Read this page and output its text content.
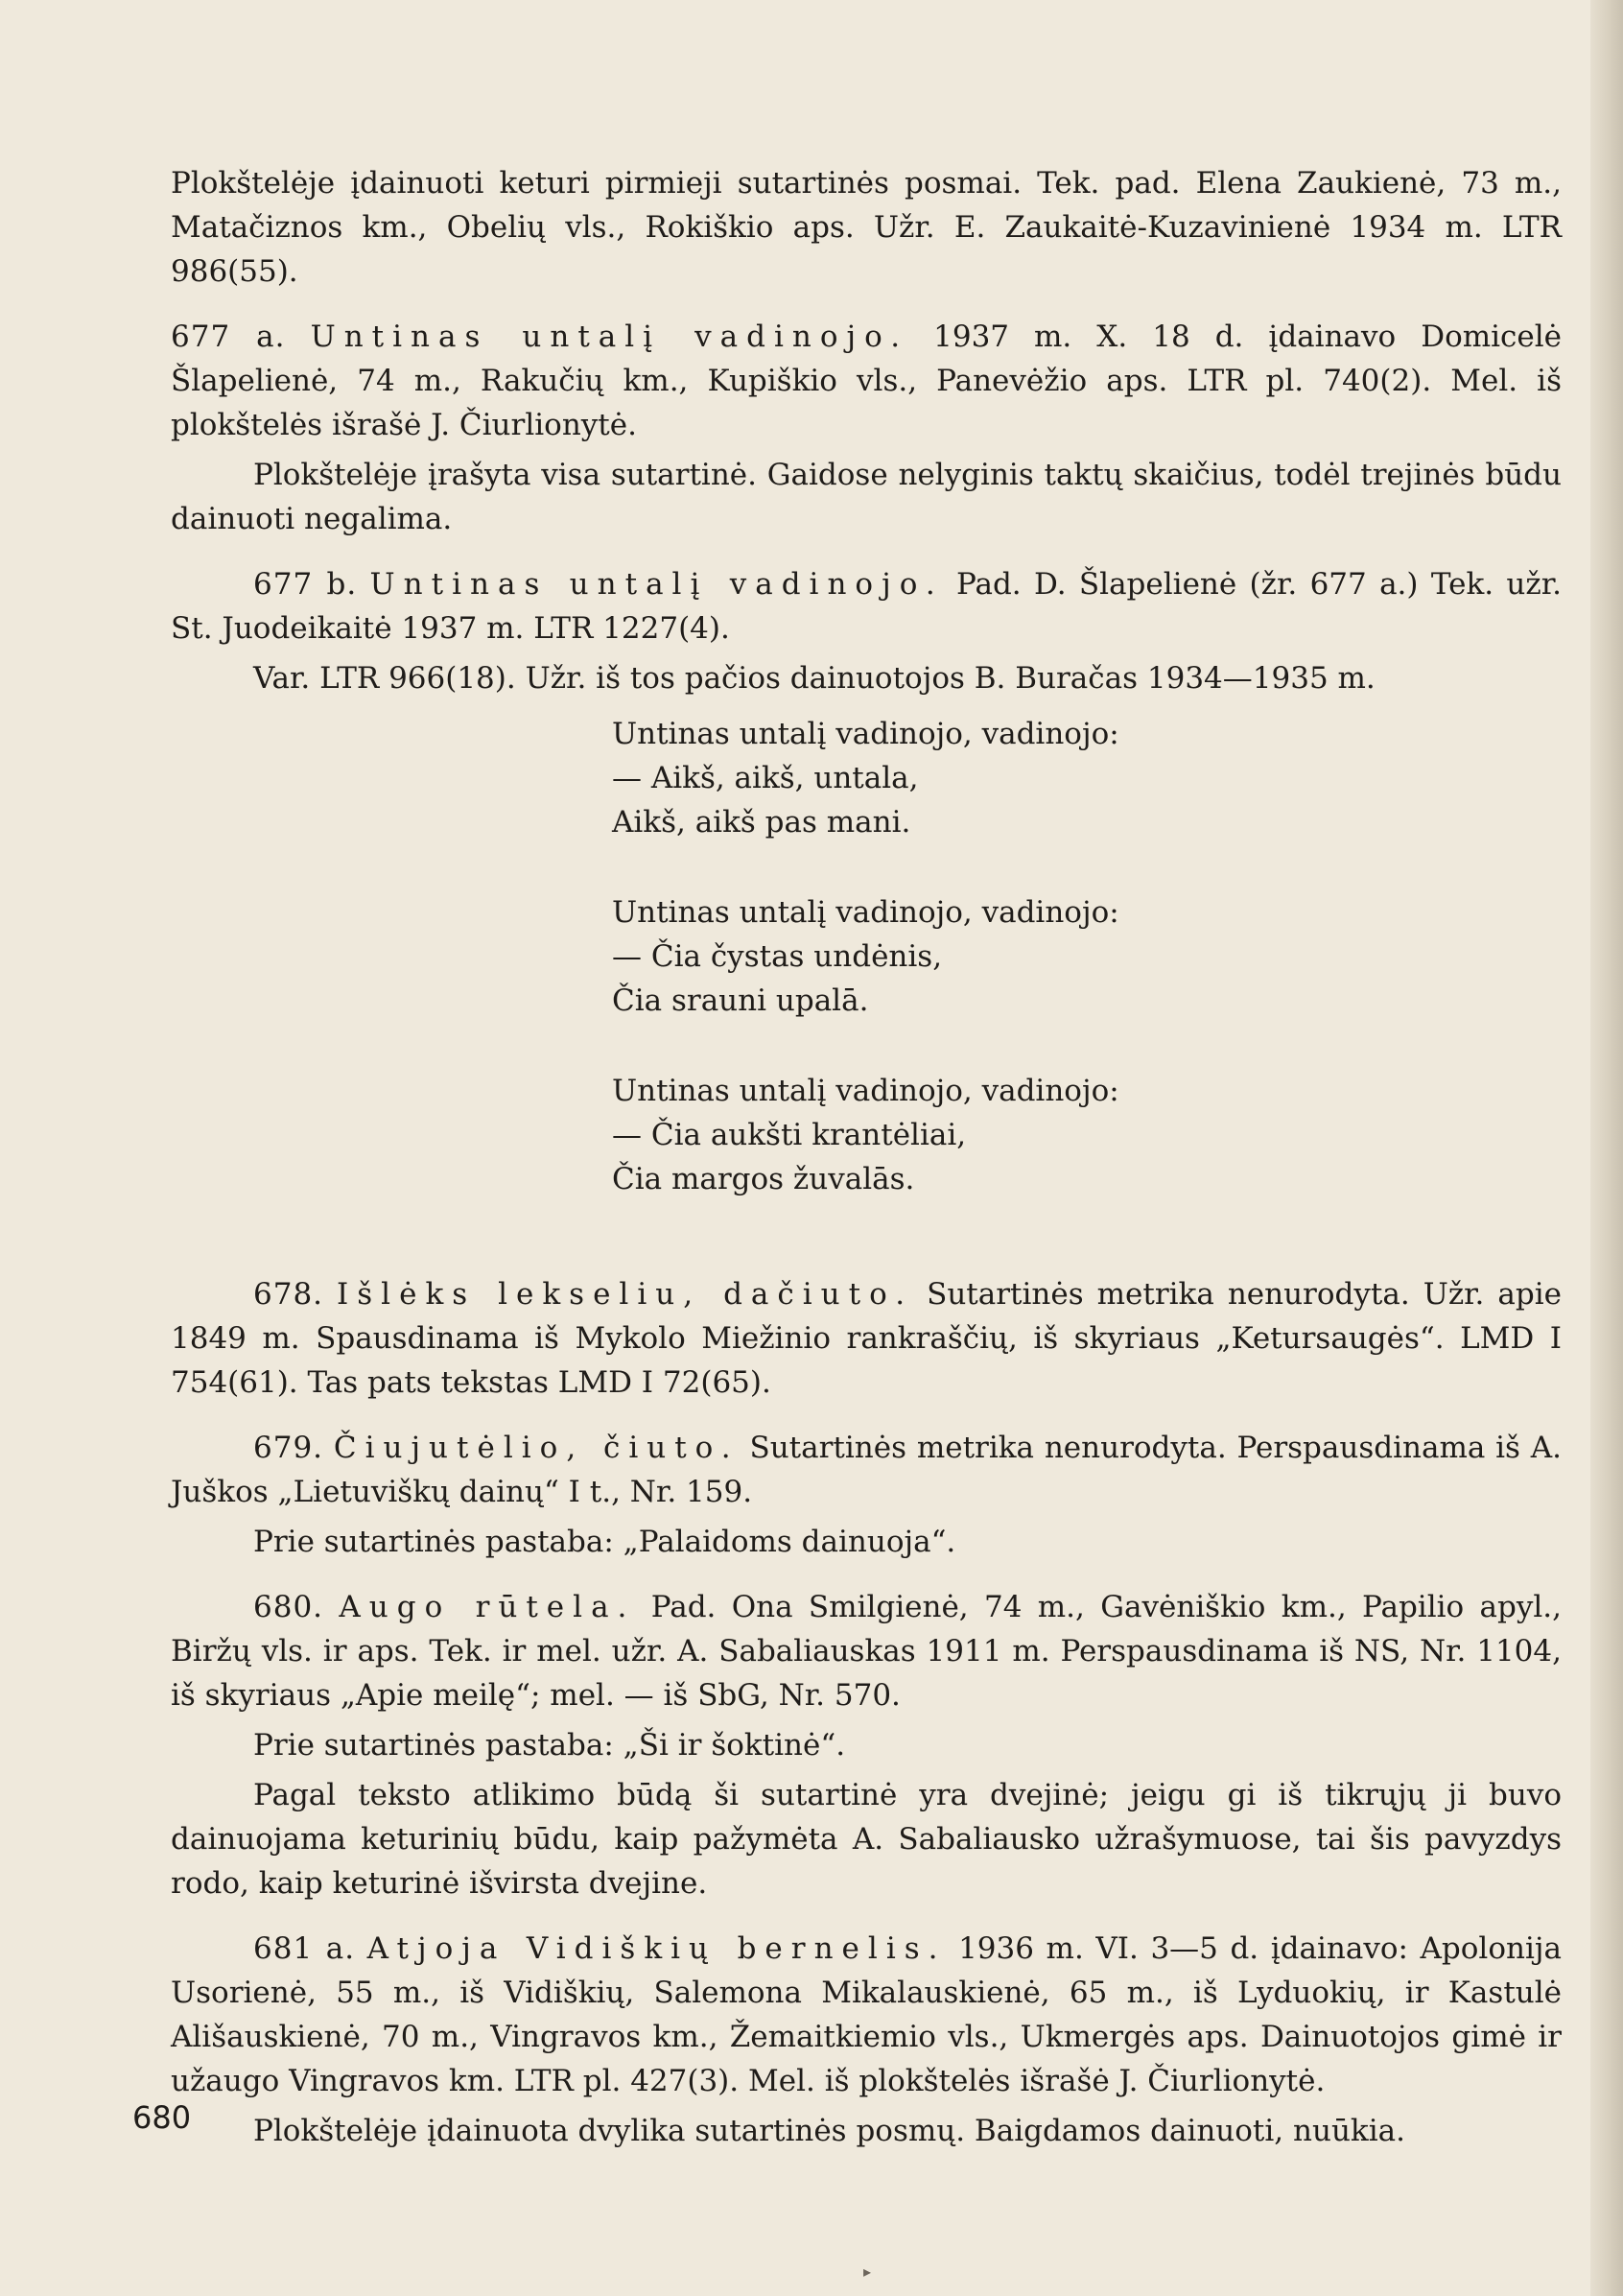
Plokštelėje įdainuoti keturi pirmieji sutartinės posmai. Tek. pad. Elena Zaukienė, 73 m., Matačiznos km., Obelių vls., Rokiškio aps. Užr. E. Zaukaitė-Kuzavinienė 1934 m. LTR 986(55).

677 a. Untinas untalį vadinojo. 1937 m. X. 18 d. įdainavo Domicelė Šlapelienė, 74 m., Rakučių km., Kupiškio vls., Panevėžio aps. LTR pl. 740(2). Mel. iš plokštelės išrašė J. Čiurlionytė.

Plokštelėje įrašyta visa sutartinė. Gaidose nelyginis taktų skaičius, todėl trejinės būdu dainuoti negalima.

677 b. Untinas untalį vadinojo. Pad. D. Šlapelienė (žr. 677 a.) Tek. užr. St. Juodeikaitė 1937 m. LTR 1227(4).

Var. LTR 966(18). Užr. iš tos pačios dainuotojos B. Buračas 1934—1935 m.

Untinas untalį vadinojo, vadinojo:
— Aikš, aikš, untala,
Aikš, aikš pas mani.
Untinas untalį vadinojo, vadinojo:
— Čia čystas undėnis,
Čia srauni upalā.
Untinas untalį vadinojo, vadinojo:
— Čia aukšti krantėliai,
Čia margos žuvalās.

678. Išlėks lekseliu, dačiuto. Sutartinės metrika nenurodyta. Užr. apie 1849 m. Spausdinama iš Mykolo Miežinio rankraščių, iš skyriaus „Ketursaugės“. LMD I 754(61). Tas pats tekstas LMD I 72(65).

679. Čiujutėlio, čiuto. Sutartinės metrika nenurodyta. Perspausdinama iš A. Juškos „Lietuviškų dainų“ I t., Nr. 159.

Prie sutartinės pastaba: „Palaidoms dainuoja“.

680. Augo rūtela. Pad. Ona Smilgienė, 74 m., Gavėniškio km., Papilio apyl., Biržų vls. ir aps. Tek. ir mel. užr. A. Sabaliauskas 1911 m. Perspausdinama iš NS, Nr. 1104, iš skyriaus „Apie meilę“; mel. — iš SbG, Nr. 570.

Prie sutartinės pastaba: „Ši ir šoktinė“.

Pagal teksto atlikimo būdą ši sutartinė yra dvejinė; jeigu gi iš tikrųjų ji buvo dainuojama keturinių būdu, kaip pažymėta A. Sabaliausko užrašymuose, tai šis pavyzdys rodo, kaip keturinė išvirsta dvejine.

681 a. Atjoja Vidiškių bernelis. 1936 m. VI. 3—5 d. įdainavo: Apolonija Usorienė, 55 m., iš Vidiškių, Salemona Mikalauskienė, 65 m., iš Lyduokių, ir Kastulė Ališauskienė, 70 m., Vingravos km., Žemaitkiemio vls., Ukmergės aps. Dainuotojos gimė ir užaugo Vingravos km. LTR pl. 427(3). Mel. iš plokštelės išrašė J. Čiurlionytė.

Plokštelėje įdainuota dvylika sutartinės posmų. Baigdamos dainuoti, nuūkia.

680
▸
